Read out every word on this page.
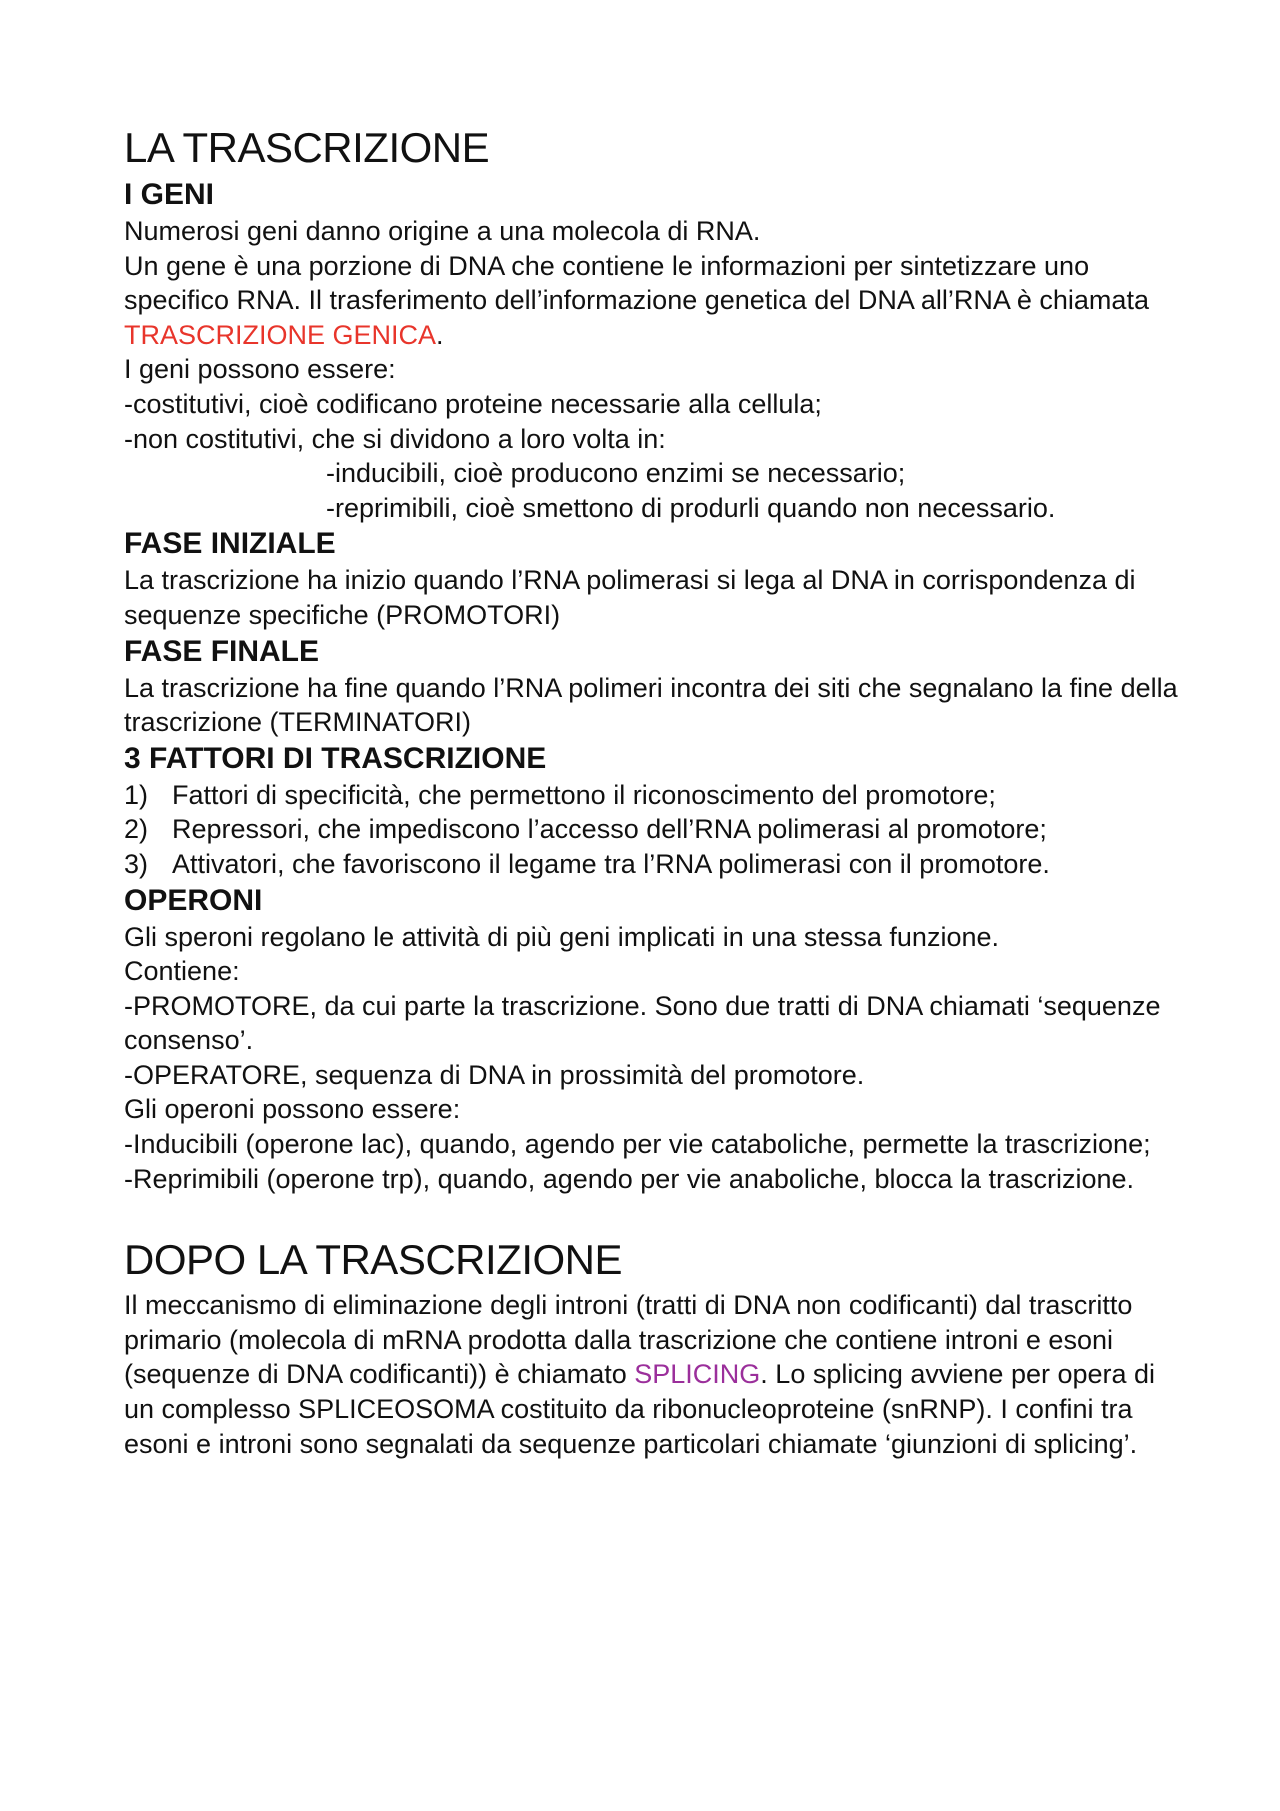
LA TRASCRIZIONE
I GENI

Numerosi geni danno origine a una molecola di RNA.

Un gene è una porzione di DNA che contiene le informazioni per sintetizzare uno specifico RNA. Il trasferimento dell’informazione genetica del DNA all’RNA è chiamata TRASCRIZIONE GENICA.

I geni possono essere:

-costitutivi, cioè codificano proteine necessarie alla cellula;

-non costitutivi, che si dividono a loro volta in:

-inducibili, cioè producono enzimi se necessario;

-reprimibili, cioè smettono di produrli quando non necessario.

FASE INIZIALE

La trascrizione ha inizio quando l’RNA polimerasi si lega al DNA in corrispondenza di sequenze specifiche (PROMOTORI)

FASE FINALE

La trascrizione ha fine quando l’RNA polimeri incontra dei siti che segnalano la fine della trascrizione (TERMINATORI)

3 FATTORI DI TRASCRIZIONE
1) Fattori di specificità, che permettono il riconoscimento del promotore;
2) Repressori, che impediscono l’accesso dell’RNA polimerasi al promotore;
3) Attivatori, che favoriscono il legame tra l’RNA polimerasi con il promotore.
OPERONI

Gli speroni regolano le attività di più geni implicati in una stessa funzione.

Contiene:

-PROMOTORE, da cui parte la trascrizione. Sono due tratti di DNA chiamati ‘sequenze consenso’.

-OPERATORE, sequenza di DNA in prossimità del promotore.

Gli operoni possono essere:

-Inducibili (operone lac), quando, agendo per vie cataboliche, permette la trascrizione;

-Reprimibili (operone trp), quando, agendo per vie anaboliche, blocca la trascrizione.

DOPO LA TRASCRIZIONE

Il meccanismo di eliminazione degli introni (tratti di DNA non codificanti) dal trascritto primario (molecola di mRNA prodotta dalla trascrizione che contiene introni e esoni (sequenze di DNA codificanti)) è chiamato SPLICING. Lo splicing avviene per opera di un complesso SPLICEOSOMA costituito da ribonucleoproteine (snRNP). I confini tra esoni e introni sono segnalati da sequenze particolari chiamate ‘giunzioni di splicing’.
